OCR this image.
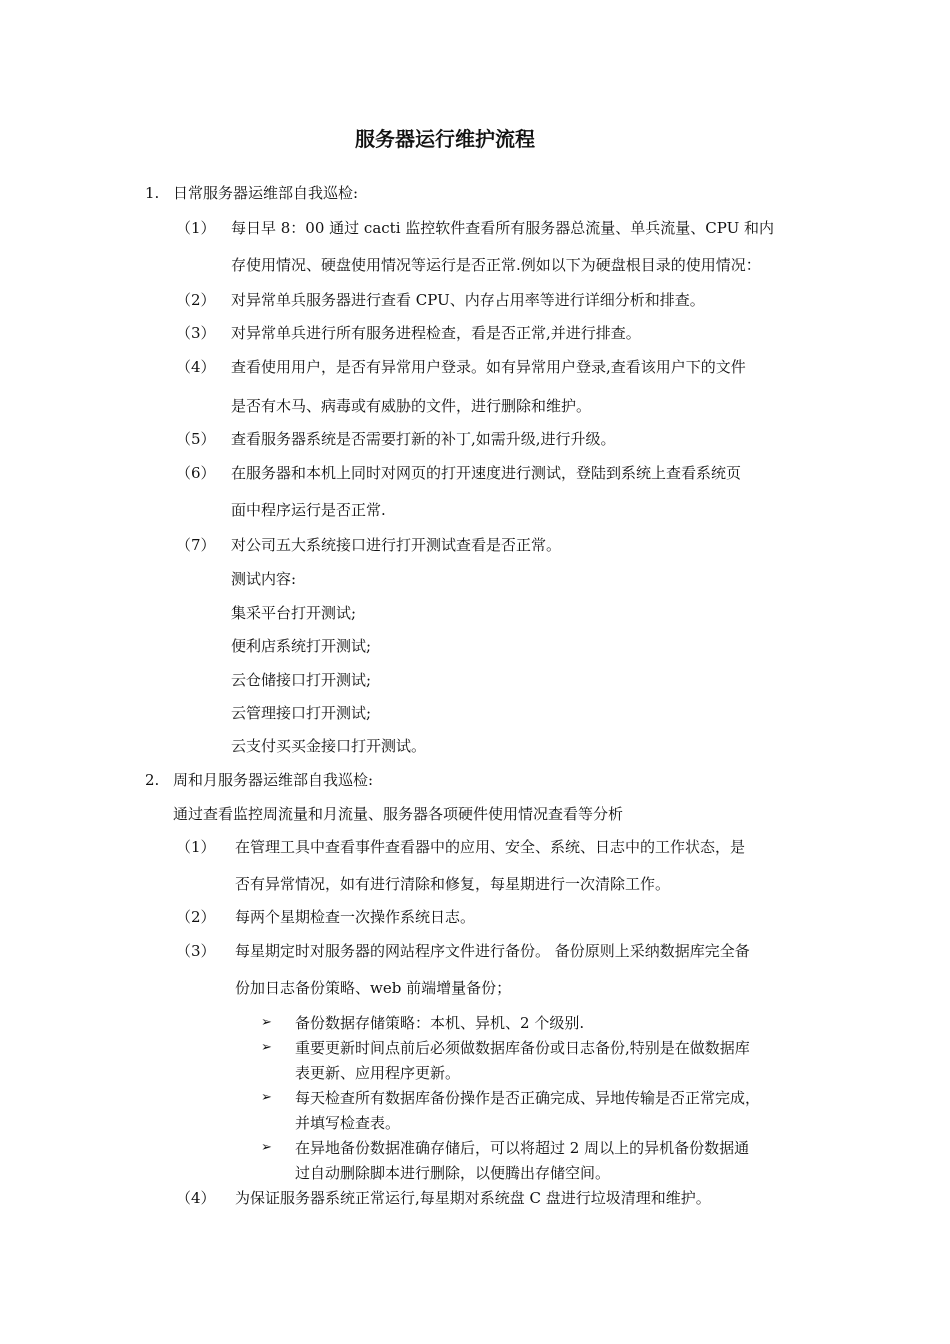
服务器运行维护流程
1. 日常服务器运维部自我巡检:
（1） 每日早 8：00 通过 cacti 监控软件查看所有服务器总流量、单兵流量、CPU 和内
存使用情况、硬盘使用情况等运行是否正常.例如以下为硬盘根目录的使用情况：
（2） 对异常单兵服务器进行查看 CPU、内存占用率等进行详细分析和排查。
（3） 对异常单兵进行所有服务进程检查，看是否正常,并进行排查。
（4） 查看使用用户，是否有异常用户登录。如有异常用户登录,查看该用户下的文件
是否有木马、病毒或有威胁的文件，进行删除和维护。
（5） 查看服务器系统是否需要打新的补丁,如需升级,进行升级。
（6） 在服务器和本机上同时对网页的打开速度进行测试，登陆到系统上查看系统页
面中程序运行是否正常.
（7） 对公司五大系统接口进行打开测试查看是否正常。
测试内容:
集采平台打开测试;
便利店系统打开测试;
云仓储接口打开测试;
云管理接口打开测试;
云支付买买金接口打开测试。
2. 周和月服务器运维部自我巡检:
通过查看监控周流量和月流量、服务器各项硬件使用情况查看等分析
（1） 在管理工具中查看事件查看器中的应用、安全、系统、日志中的工作状态，是
否有异常情况，如有进行清除和修复，每星期进行一次清除工作。
（2） 每两个星期检查一次操作系统日志。
（3） 每星期定时对服务器的网站程序文件进行备份。 备份原则上采纳数据库完全备
份加日志备份策略、web 前端增量备份；
➢ 备份数据存储策略：本机、异机、2 个级别.
➢ 重要更新时间点前后必须做数据库备份或日志备份,特别是在做数据库
表更新、应用程序更新。
➢ 每天检查所有数据库备份操作是否正确完成、异地传输是否正常完成，
并填写检查表。
➢ 在异地备份数据准确存储后，可以将超过 2 周以上的异机备份数据通
过自动删除脚本进行删除，以便腾出存储空间。
（4） 为保证服务器系统正常运行,每星期对系统盘 C 盘进行垃圾清理和维护。
